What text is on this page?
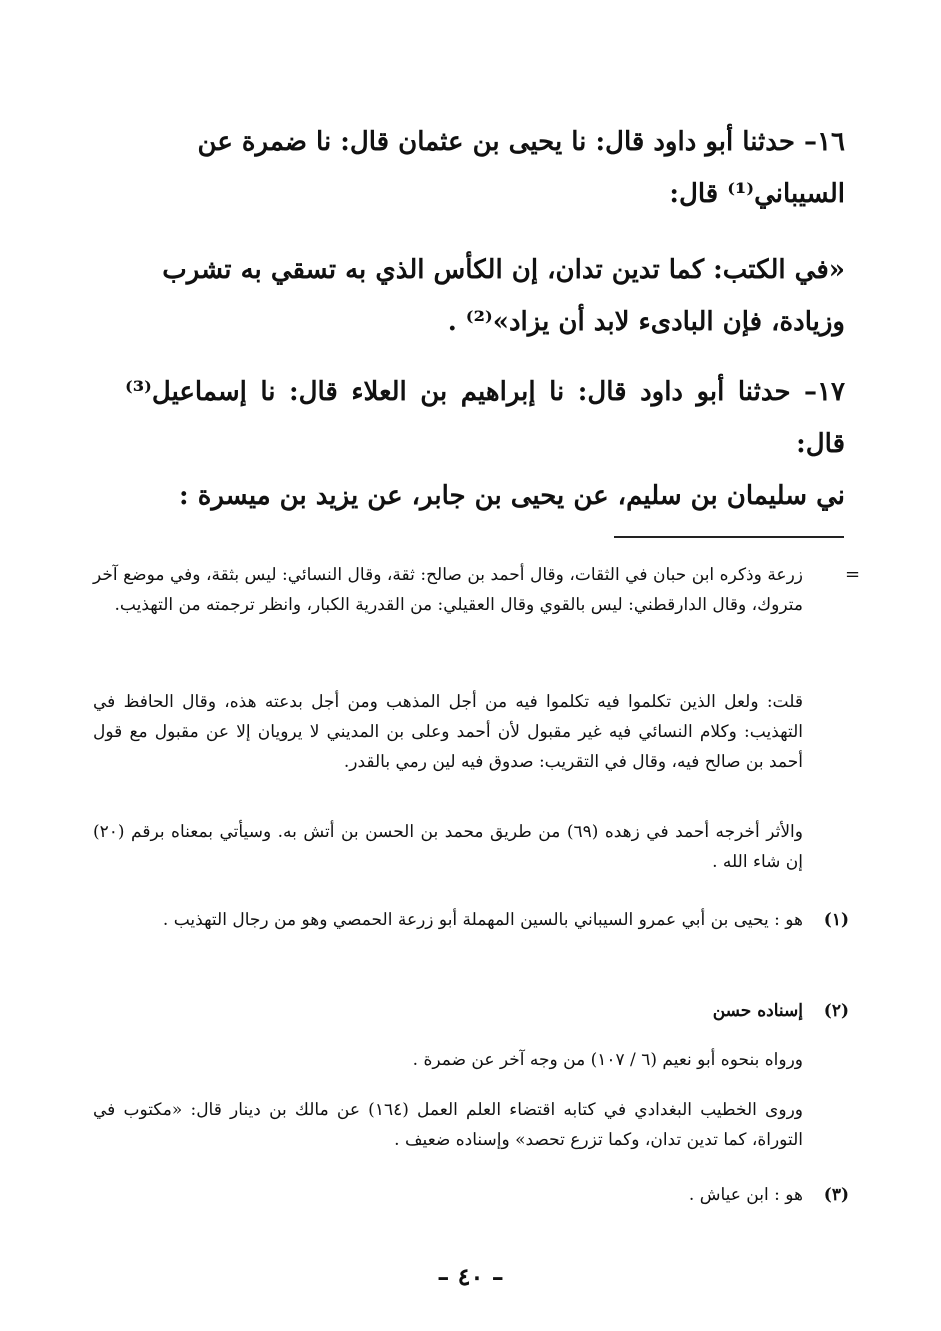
١٦– حدثنا أبو داود قال: نا يحيى بن عثمان قال: نا ضمرة عن
السيباني⁽¹⁾ قال:
«في الكتب: كما تدين تدان، إن الكأس الذي به تسقي به تشرب
وزيادة، فإن البادىء لابد أن يزاد»⁽²⁾ .
١٧– حدثنا أبو داود قال: نا إبراهيم بن العلاء قال: نا إسماعيل⁽³⁾ قال:
ني سليمان بن سليم، عن يحيى بن جابر، عن يزيد بن ميسرة :
=
زرعة وذكره ابن حبان في الثقات، وقال أحمد بن صالح: ثقة، وقال النسائي: ليس بثقة، وفي موضع آخر متروك، وقال الدارقطني: ليس بالقوي وقال العقيلي: من القدرية الكبار، وانظر ترجمته من التهذيب.
قلت: ولعل الذين تكلموا فيه تكلموا فيه من أجل المذهب ومن أجل بدعته هذه، وقال الحافظ في التهذيب: وكلام النسائي فيه غير مقبول لأن أحمد وعلى بن المديني لا يرويان إلا عن مقبول مع قول أحمد بن صالح فيه، وقال في التقريب: صدوق فيه لين رمي بالقدر.
والأثر أخرجه أحمد في زهده (٦٩) من طريق محمد بن الحسن بن أتش به. وسيأتي بمعناه برقم (٢٠) إن شاء الله .
(١)
هو : يحيى بن أبي عمرو السيباني بالسين المهملة أبو زرعة الحمصي وهو من رجال التهذيب .
(٢)
إسناده حسن
ورواه بنحوه أبو نعيم (٦ / ١٠٧) من وجه آخر عن ضمرة .
وروى الخطيب البغدادي في كتابه اقتضاء العلم العمل (١٦٤) عن مالك بن دينار قال: «مكتوب في التوراة، كما تدين تدان، وكما تزرع تحصد» وإسناده ضعيف .
(٣)
هو : ابن عياش .
– ٤٠ –
